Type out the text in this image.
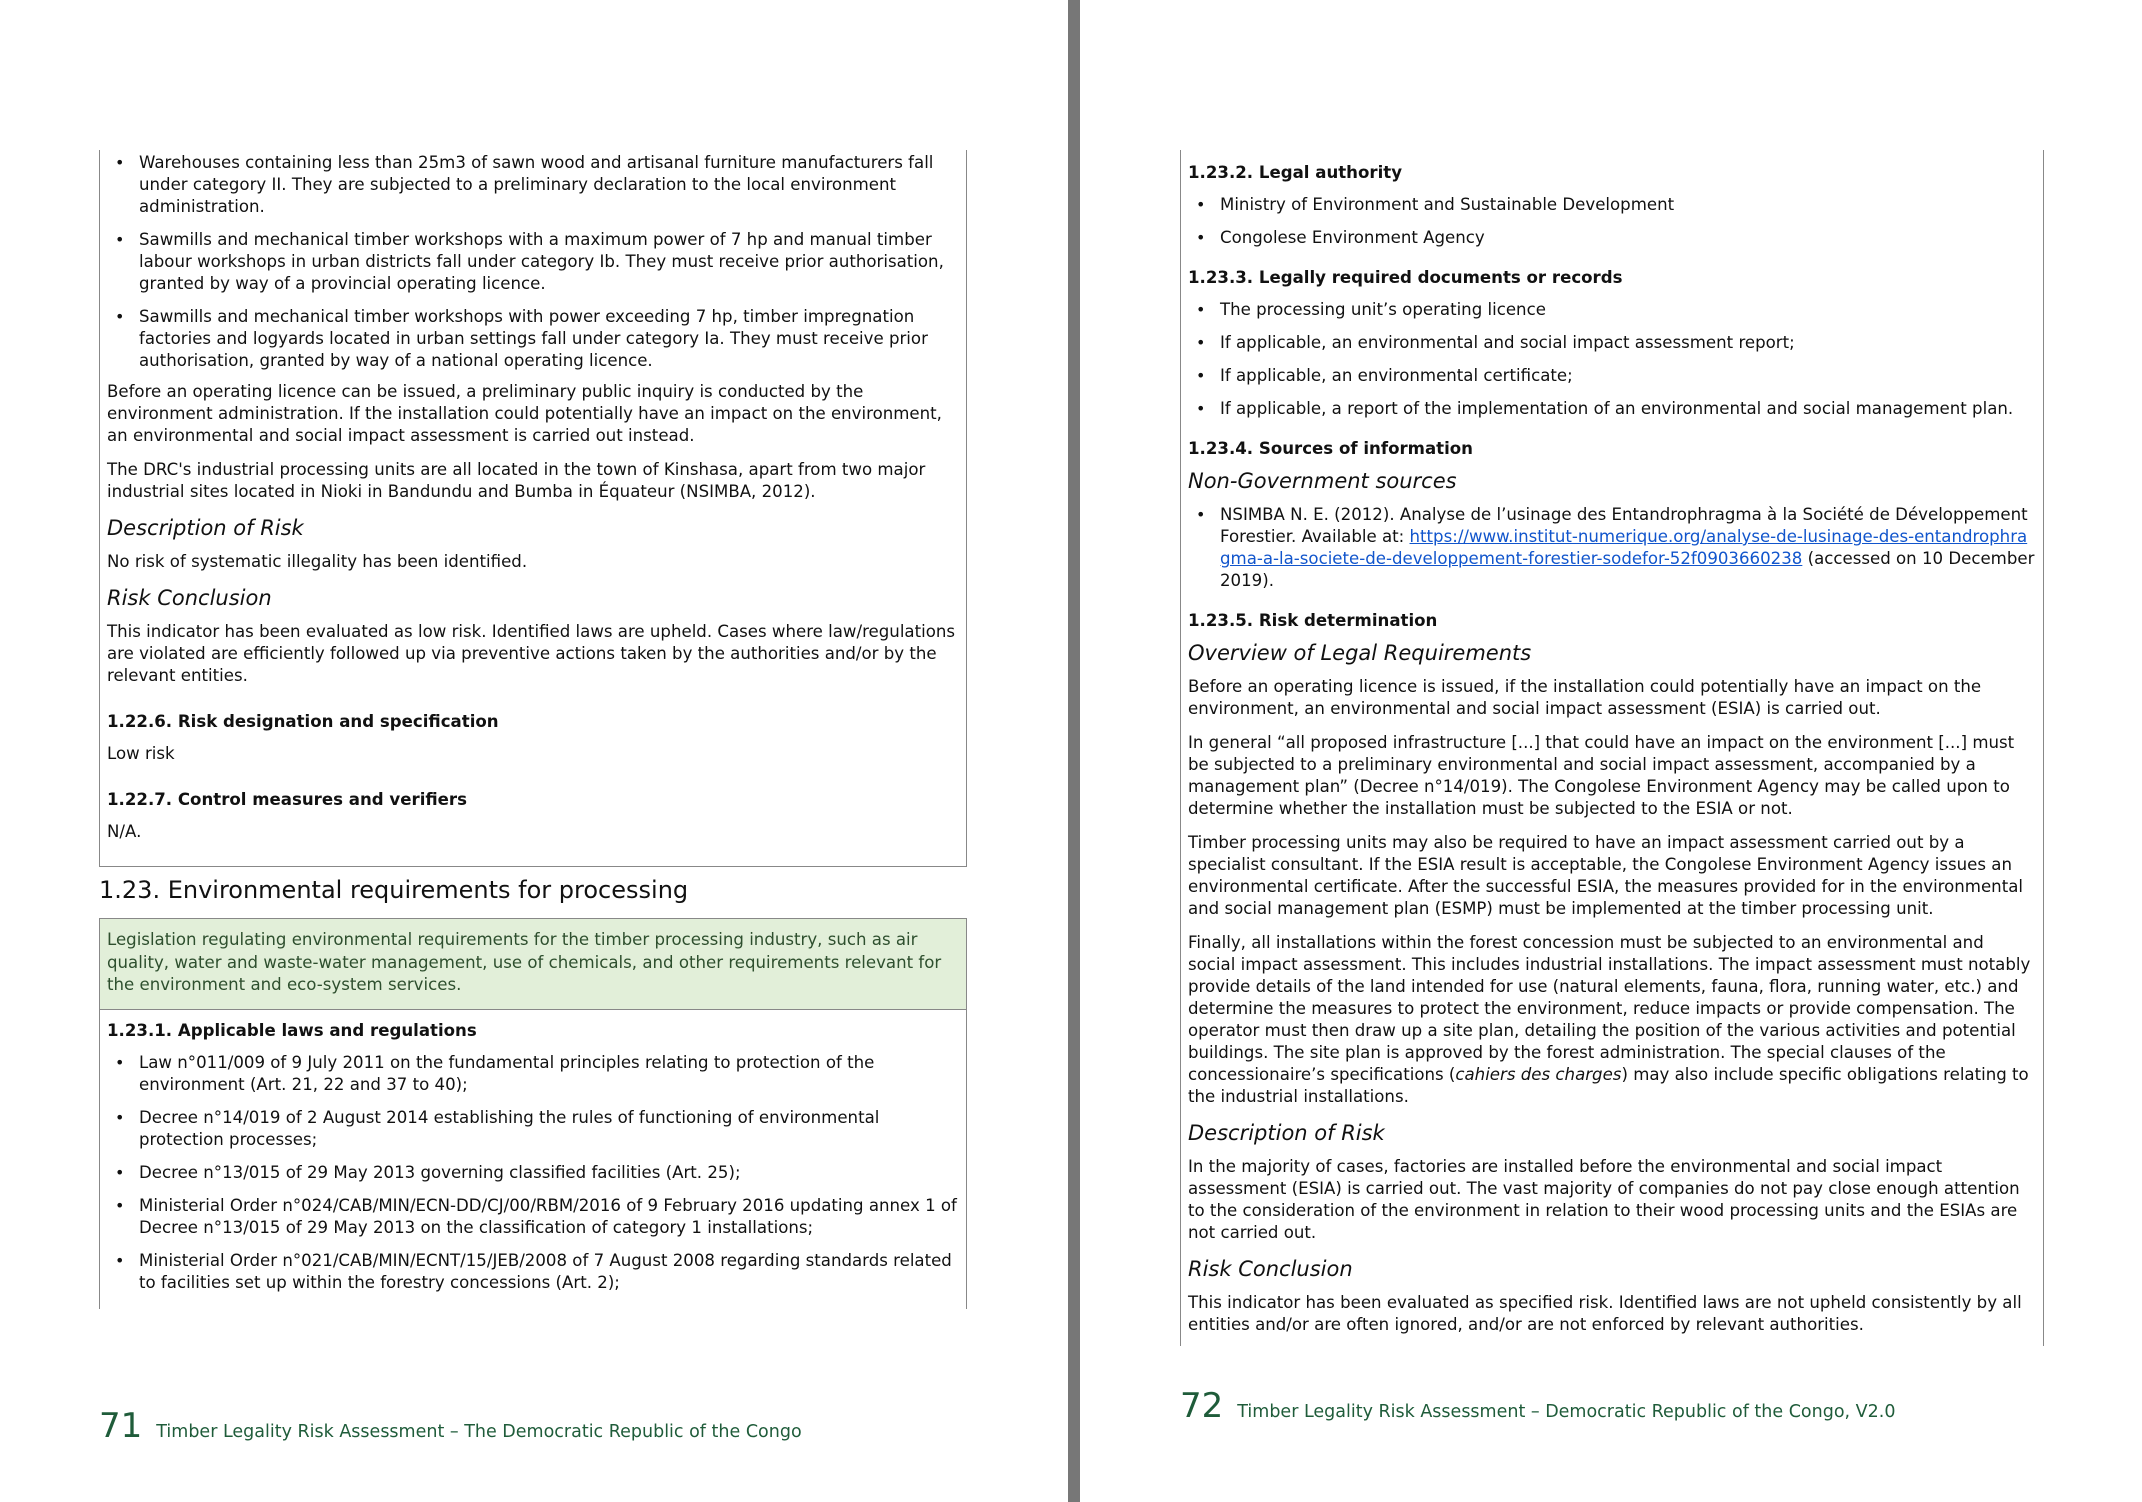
• Warehouses containing less than 25m3 of sawn wood and artisanal furniture manufacturers fall under category II. They are subjected to a preliminary declaration to the local environment administration.
• Sawmills and mechanical timber workshops with a maximum power of 7 hp and manual timber labour workshops in urban districts fall under category Ib. They must receive prior authorisation, granted by way of a provincial operating licence.
• Sawmills and mechanical timber workshops with power exceeding 7 hp, timber impregnation factories and logyards located in urban settings fall under category Ia. They must receive prior authorisation, granted by way of a national operating licence.

Before an operating licence can be issued, a preliminary public inquiry is conducted by the environment administration. If the installation could potentially have an impact on the environment, an environmental and social impact assessment is carried out instead.

The DRC's industrial processing units are all located in the town of Kinshasa, apart from two major industrial sites located in Nioki in Bandundu and Bumba in Équateur (NSIMBA, 2012).

Description of Risk

No risk of systematic illegality has been identified.

Risk Conclusion

This indicator has been evaluated as low risk. Identified laws are upheld. Cases where law/regulations are violated are efficiently followed up via preventive actions taken by the authorities and/or by the relevant entities.

1.22.6. Risk designation and specification

Low risk

1.22.7. Control measures and verifiers

N/A.

1.23. Environmental requirements for processing
Legislation regulating environmental requirements for the timber processing industry, such as air quality, water and waste-water management, use of chemicals, and other requirements relevant for the environment and eco-system services.
1.23.1. Applicable laws and regulations
• Law n°011/009 of 9 July 2011 on the fundamental principles relating to protection of the environment (Art. 21, 22 and 37 to 40);
• Decree n°14/019 of 2 August 2014 establishing the rules of functioning of environmental protection processes;
• Decree n°13/015 of 29 May 2013 governing classified facilities (Art. 25);
• Ministerial Order n°024/CAB/MIN/ECN-DD/CJ/00/RBM/2016 of 9 February 2016 updating annex 1 of Decree n°13/015 of 29 May 2013 on the classification of category 1 installations;
• Ministerial Order n°021/CAB/MIN/ECNT/15/JEB/2008 of 7 August 2008 regarding standards related to facilities set up within the forestry concessions (Art. 2);
71 Timber Legality Risk Assessment – The Democratic Republic of the Congo
1.23.2. Legal authority
• Ministry of Environment and Sustainable Development
• Congolese Environment Agency
1.23.3. Legally required documents or records
• The processing unit’s operating licence
• If applicable, an environmental and social impact assessment report;
• If applicable, an environmental certificate;
• If applicable, a report of the implementation of an environmental and social management plan.
1.23.4. Sources of information
Non-Government sources
• NSIMBA N. E. (2012). Analyse de l’usinage des Entandrophragma à la Société de Développement Forestier. Available at: https://www.institut-numerique.org/analyse-de-lusinage-des-entandrophragma-a-la-societe-de-developpement-forestier-sodefor-52f0903660238 (accessed on 10 December 2019).
1.23.5. Risk determination
Overview of Legal Requirements

Before an operating licence is issued, if the installation could potentially have an impact on the environment, an environmental and social impact assessment (ESIA) is carried out.

In general “all proposed infrastructure [...] that could have an impact on the environment [...] must be subjected to a preliminary environmental and social impact assessment, accompanied by a management plan” (Decree n°14/019). The Congolese Environment Agency may be called upon to determine whether the installation must be subjected to the ESIA or not.

Timber processing units may also be required to have an impact assessment carried out by a specialist consultant. If the ESIA result is acceptable, the Congolese Environment Agency issues an environmental certificate. After the successful ESIA, the measures provided for in the environmental and social management plan (ESMP) must be implemented at the timber processing unit.

Finally, all installations within the forest concession must be subjected to an environmental and social impact assessment. This includes industrial installations. The impact assessment must notably provide details of the land intended for use (natural elements, fauna, flora, running water, etc.) and determine the measures to protect the environment, reduce impacts or provide compensation. The operator must then draw up a site plan, detailing the position of the various activities and potential buildings. The site plan is approved by the forest administration. The special clauses of the concessionaire’s specifications (cahiers des charges) may also include specific obligations relating to the industrial installations.

Description of Risk

In the majority of cases, factories are installed before the environmental and social impact assessment (ESIA) is carried out. The vast majority of companies do not pay close enough attention to the consideration of the environment in relation to their wood processing units and the ESIAs are not carried out.

Risk Conclusion

This indicator has been evaluated as specified risk. Identified laws are not upheld consistently by all entities and/or are often ignored, and/or are not enforced by relevant authorities.

72 Timber Legality Risk Assessment – Democratic Republic of the Congo, V2.0
